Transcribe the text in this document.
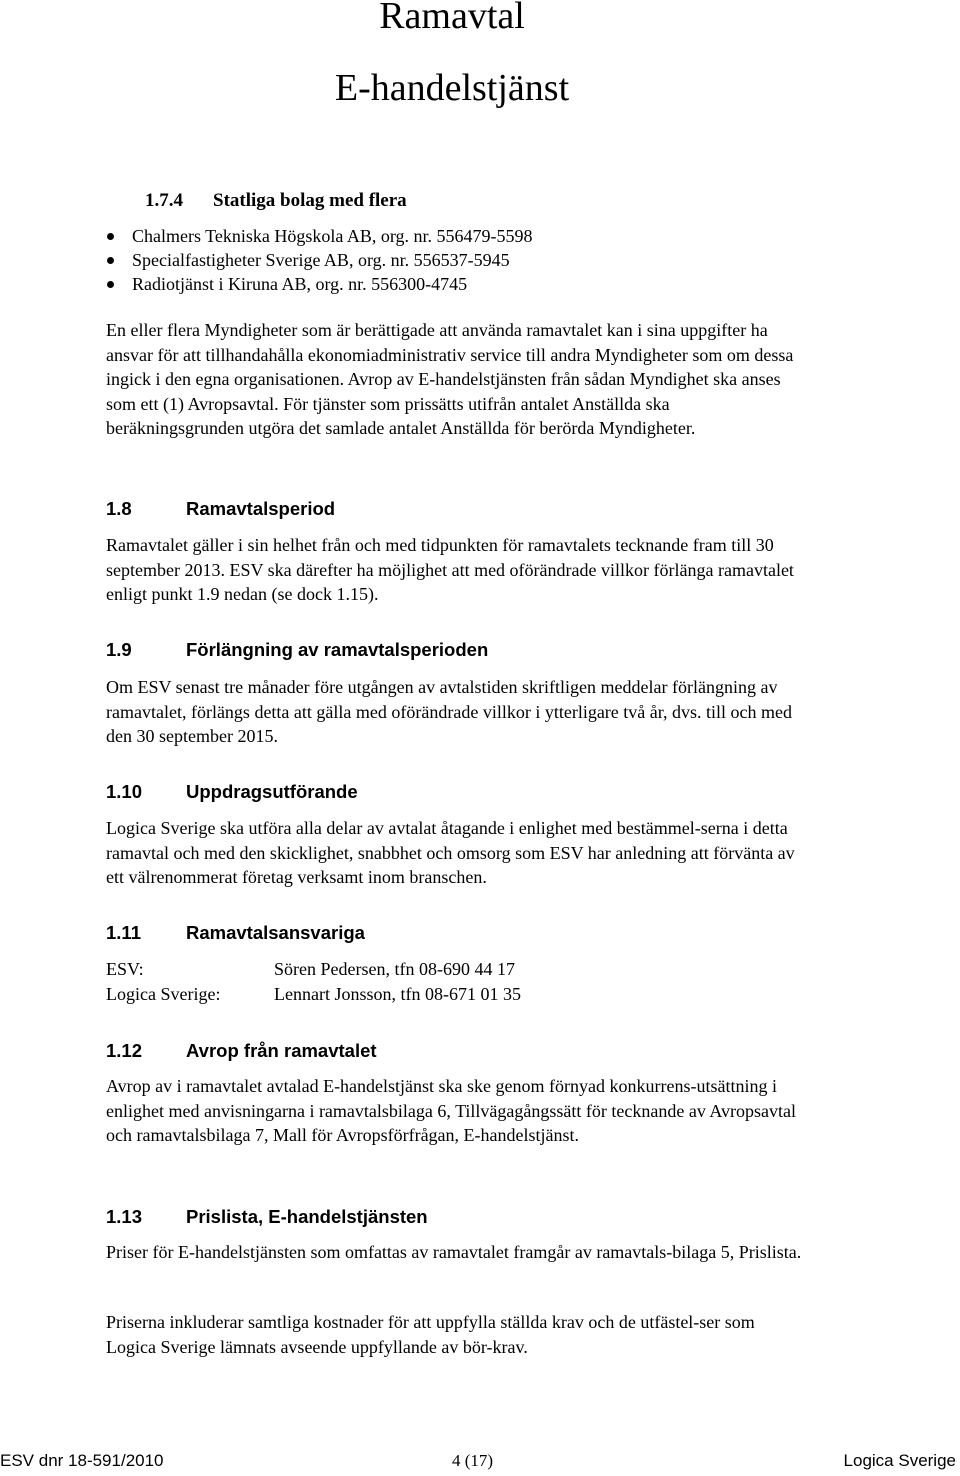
Ramavtal
E-handelstjänst
1.7.4 Statliga bolag med flera
Chalmers Tekniska Högskola AB, org. nr. 556479-5598
Specialfastigheter Sverige AB, org. nr. 556537-5945
Radiotjänst i Kiruna AB, org. nr. 556300-4745

En eller flera Myndigheter som är berättigade att använda ramavtalet kan i sina uppgifter ha ansvar för att tillhandahålla ekonomiadministrativ service till andra Myndigheter som om dessa ingick i den egna organisationen. Avrop av E-handelstjänsten från sådan Myndighet ska anses som ett (1) Avropsavtal. För tjänster som prissätts utifrån antalet Anställda ska beräkningsgrunden utgöra det samlade antalet Anställda för berörda Myndigheter.

1.8	Ramavtalsperiod

Ramavtalet gäller i sin helhet från och med tidpunkten för ramavtalets tecknande fram till 30 september 2013. ESV ska därefter ha möjlighet att med oförändrade villkor förlänga ramavtalet enligt punkt 1.9 nedan (se dock 1.15).

1.9	Förlängning av ramavtalsperioden

Om ESV senast tre månader före utgången av avtalstiden skriftligen meddelar förlängning av ramavtalet, förlängs detta att gälla med oförändrade villkor i ytterligare två år, dvs. till och med den 30 september 2015.

1.10 Uppdragsutförande

Logica Sverige ska utföra alla delar av avtalat åtagande i enlighet med bestämmel-serna i detta ramavtal och med den skicklighet, snabbhet och omsorg som ESV har anledning att förvänta av ett välrenommerat företag verksamt inom branschen.

1.11 Ramavtalsansvariga
ESV:	Sören Pedersen, tfn 08-690 44 17
Logica Sverige:	Lennart Jonsson, tfn 08-671 01 35
1.12 Avrop från ramavtalet

Avrop av i ramavtalet avtalad E-handelstjänst ska ske genom förnyad konkurrens-utsättning i enlighet med anvisningarna i ramavtalsbilaga 6, Tillvägagångssätt för tecknande av Avropsavtal och ramavtalsbilaga 7, Mall för Avropsförfrågan, E-handelstjänst.

1.13 Prislista, E-handelstjänsten

Priser för E-handelstjänsten som omfattas av ramavtalet framgår av ramavtals-bilaga 5, Prislista.

Priserna inkluderar samtliga kostnader för att uppfylla ställda krav och de utfästel-ser som Logica Sverige lämnats avseende uppfyllande av bör-krav.

ESV dnr 18-591/2010	4 (17)	Logica Sverige
